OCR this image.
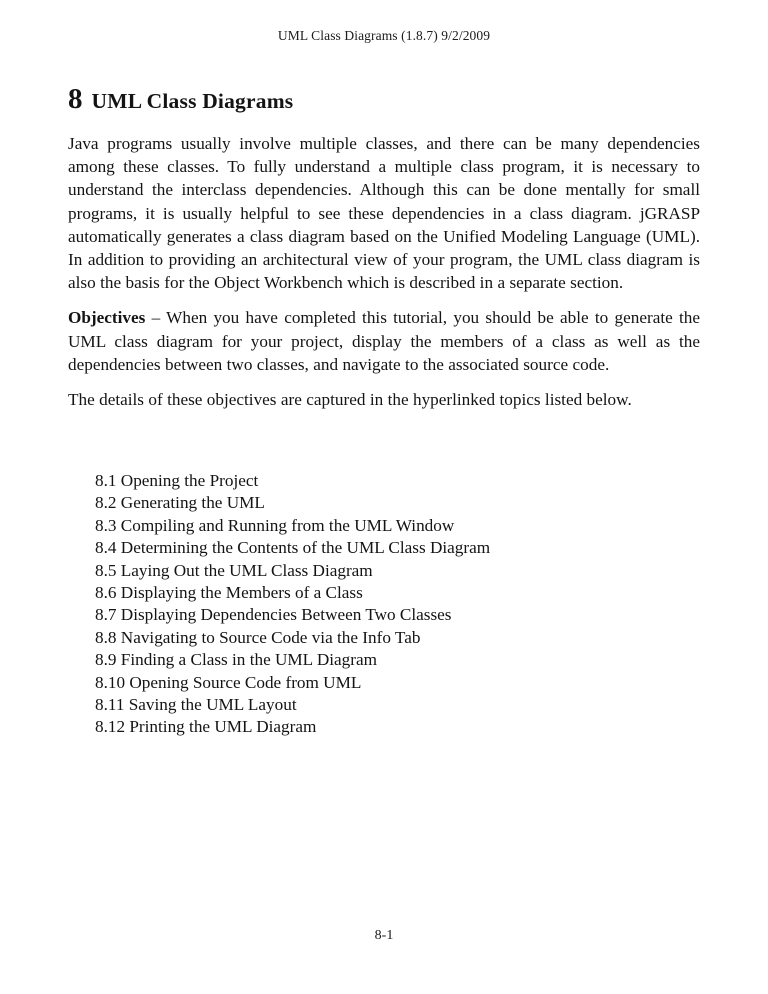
UML Class Diagrams (1.8.7) 9/2/2009
8 UML Class Diagrams

Java programs usually involve multiple classes, and there can be many dependencies among these classes. To fully understand a multiple class program, it is necessary to understand the interclass dependencies. Although this can be done mentally for small programs, it is usually helpful to see these dependencies in a class diagram. jGRASP automatically generates a class diagram based on the Unified Modeling Language (UML). In addition to providing an architectural view of your program, the UML class diagram is also the basis for the Object Workbench which is described in a separate section.

Objectives – When you have completed this tutorial, you should be able to generate the UML class diagram for your project, display the members of a class as well as the dependencies between two classes, and navigate to the associated source code.

The details of these objectives are captured in the hyperlinked topics listed below.

8.1 Opening the Project
8.2 Generating the UML
8.3 Compiling and Running from the UML Window
8.4 Determining the Contents of the UML Class Diagram
8.5 Laying Out the UML Class Diagram
8.6 Displaying the Members of a Class
8.7 Displaying Dependencies Between Two Classes
8.8 Navigating to Source Code via the Info Tab
8.9 Finding a Class in the UML Diagram
8.10 Opening Source Code from UML
8.11 Saving the UML Layout
8.12 Printing the UML Diagram
8-1
